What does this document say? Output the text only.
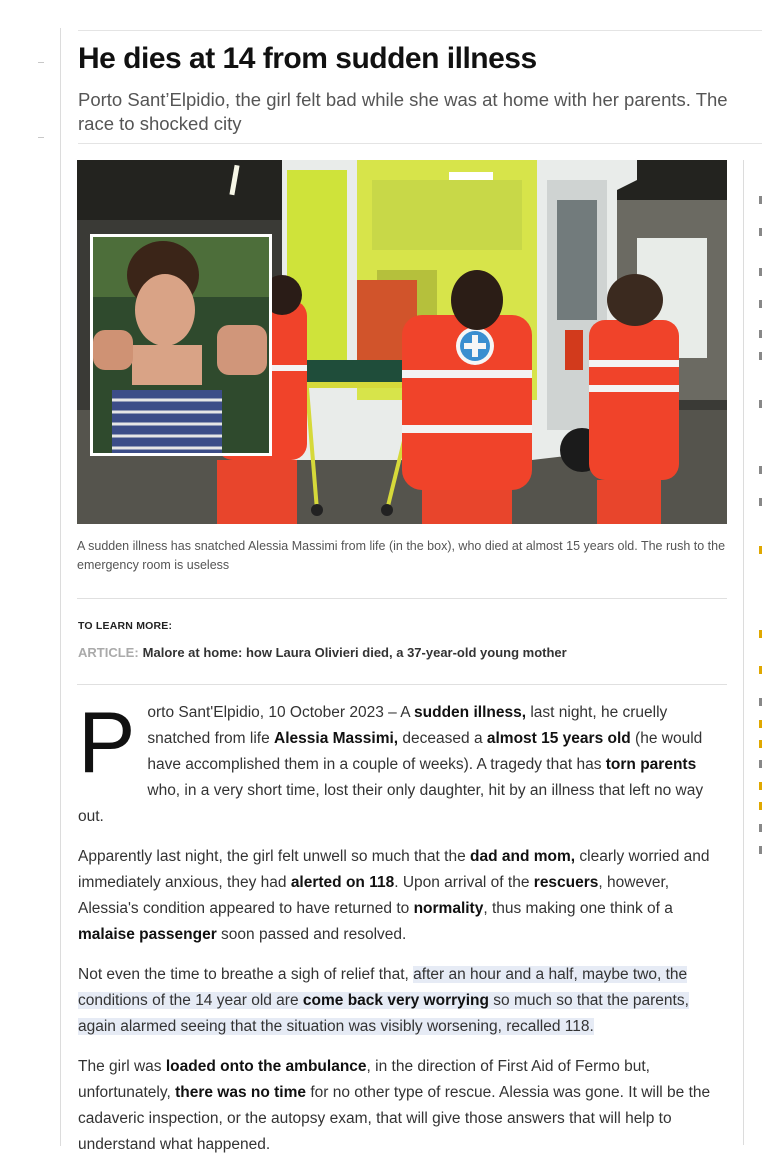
He dies at 14 from sudden illness
Porto Sant’Elpidio, the girl felt bad while she was at home with her parents. The race to shocked city
A sudden illness has snatched Alessia Massimi from life (in the box), who died at almost 15 years old. The rush to the emergency room is useless
TO LEARN MORE:
ARTICLE: Malore at home: how Laura Olivieri died, a 37-year-old young mother

Porto Sant'Elpidio, 10 October 2023 – A sudden illness, last night, he cruelly snatched from life Alessia Massimi, deceased a almost 15 years old (he would have accomplished them in a couple of weeks). A tragedy that has torn parents who, in a very short time, lost their only daughter, hit by an illness that left no way out.

Apparently last night, the girl felt unwell so much that the dad and mom, clearly worried and immediately anxious, they had alerted on 118. Upon arrival of the rescuers, however, Alessia's condition appeared to have returned to normality, thus making one think of a malaise passenger soon passed and resolved.

Not even the time to breathe a sigh of relief that, after an hour and a half, maybe two, the conditions of the 14 year old are come back very worrying so much so that the parents, again alarmed seeing that the situation was visibly worsening, recalled 118.

The girl was loaded onto the ambulance, in the direction of First Aid of Fermo but, unfortunately, there was no time for no other type of rescue. Alessia was gone. It will be the cadaveric inspection, or the autopsy exam, that will give those answers that will help to understand what happened.
